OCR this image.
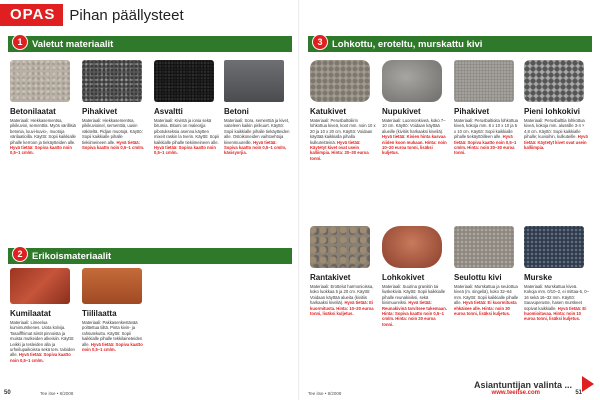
OPAS Pihan päällysteet
1	Valetut materiaalit
Betonilaatat
Materiaali: Hiekkasementsa, pikikuvioi, sementtiä. Myös värillisiä betonia, luuvi-kuvio-, muotoja värilaatioilla. Käyttö: Sopii kaikkialle pihalle kerroon ja tiekäytteiden alle. Hyvä tietää: Sopiva kaatto noin 0,5–1 cm/m.
Pihakivet
Materiaali: Hiekkasementsa, pikikuvioinel, sementtiä, uusin väkiteltä. Pidjan muotojä. Käyttö: Sopii kaikkialle pihalle tiekiimeineen alle. Hyvä tietää: Sopiva kaatto noin 0,5–1 cm/m.
Asvaltti
Materiaali: Kivistä ja ionia sekä bitumia. Bitumi on maleorjja pibotukseksia asenna käytten mixeit raskin la tverin. Käyttö: Sopii kaikkialle pihalle tiekiimeineen alle. Hyvä tietää: Sopiva kaatto noin 0,5–1 cm/m.
Betoni
Materiaali: Sora, sementtiä ja kivet, vaiteleen kaikin pirikuurt. Käyttö: Sopii kaikkialle pihalle tiekäytteiden alle. Ostoikoneiden vaihtoehtoja kivenmuureille. Hyvä tietää: Sopiva kaatto noin 0,5–1 cm/m, käsisyorjia.
2	Erikoismateriaalit
Kumilaatat
Materiaali: Limeelua kumimurskenes. Uiota kolvija. Tasaiffhimat siistit pinnoista ja muista mutkeiden alkeisiin. Käyttö: Leikki ja tesleiden alla ja urheilupaikoissa sekä terv. taloiden alle. Hyvä tietää: Sopiva kaatto noin 0,5–1 cm/m.
Tiililaatta
Materiaali: Pakkasenkestävää polttettua tiiltä. Pinta kivin- ja rahsutekuttu. Käyttö: Sopii kaikkialle pihalle tekkilaineteiden alle. Hyvä tietää: Sopiva kaatto noin 0,5–1 cm/m.
50	Tee itse • 8/2008
3	Lohkottu, eroteltu, murskattu kivi
Katukivet
Materiaali: Perusbaltoliirin lohkottua kiveä, koot mm. noin 10 x 20 ja 10 x 20 cm. Käyttö: Voidaan käyttää kaikkialla pihalla kulkureitteinä. Hyvä tietää: Käytetyt kivet ovat usein kalliimpia. Hinta: 20–30 euroa tonni.
Nupukivet
Materiaali: Luonnonkiveä, koko 7–10 cm. Käyttö: Voidaan käyttää alueille (kivitiis harkaaksi kiveliä). Hyvä tietää: Kivien hinta kasvaa niiden koon mukaan. Hinta: noin 10–20 euroa tonni, lisäksi kuljetus.
Pihakivet
Materiaali: Perusbaltioita lohkottua kiveä, kokoja mm. 8 x 10 x 10 ja 5 x 10 cm. Käyttö: Sopii kaikkialle pihalle tiekäyttöilleen alle. Hyvä tietää: Sopiva kaatto noin 0,5–1 cm/m. Hinta: noin 20–30 euroa tonni.
Pieni lohkokivi
Materiaali: Perusbalttia lohkottua kiveä, kokoja mm. alussille 3-4 × 4,8 cm. Käyttö: Sopii kaikkialle pihalle; kuvioihin, kulkuteille. Hyvä tietää: Käytetyt kivet ovat usein kalliimpia.
Rantakivet
Materiaali: Erottelut harmonioissa, koko luokkaa 5 ja 20 cm. Käyttö: Voidaan käyttää alueita (kivitiis harkaaksi kiveliä). Hyvä tietää: Ei kuormitusta. Hinta: 10–20 euroa tonni, lisäksi kuljetus.
Lohkokivet
Materiaali: Suurina graniitin tai liuskekiviä. Käyttö: Sopii kaikkialle pihalle reunakiviksi, sekä kivimuureiksi. Hyvä tietää: Reunakivinä tarvitsee tukemaan. Hinta: Sopiva kaatto noin 0,5–1 cm/m. Hinta: noin 20 euroa tonni.
Seulottu kivi
Materiaali: Murskattua ja seulottua kiveä (m. singeliä), koko 32–64 mm. Käyttö: Sopii kaikkialle pihalle alle. Hyvä tietää: Ei kuormitusta ehkäisee alle. Hinta: noin 30 euroa tonni, lisäksi kuljetus.
Murske
Materiaali: Murskattua kiveä. Kokoja mm. 0/10–2, ei mittaa-5, 0–16 sekä 16–32 mm. Käyttö: Sauvuperuste, hasen murskeet sopivat kaikkialle. Hyvä tietää: Ei huomioitavaa. Hinta: noin 10 euroa tonni, lisäksi kuljetus.
Asiantuntijan valinta ...
Tee itse • 8/2008	www.teeitse.com	51
